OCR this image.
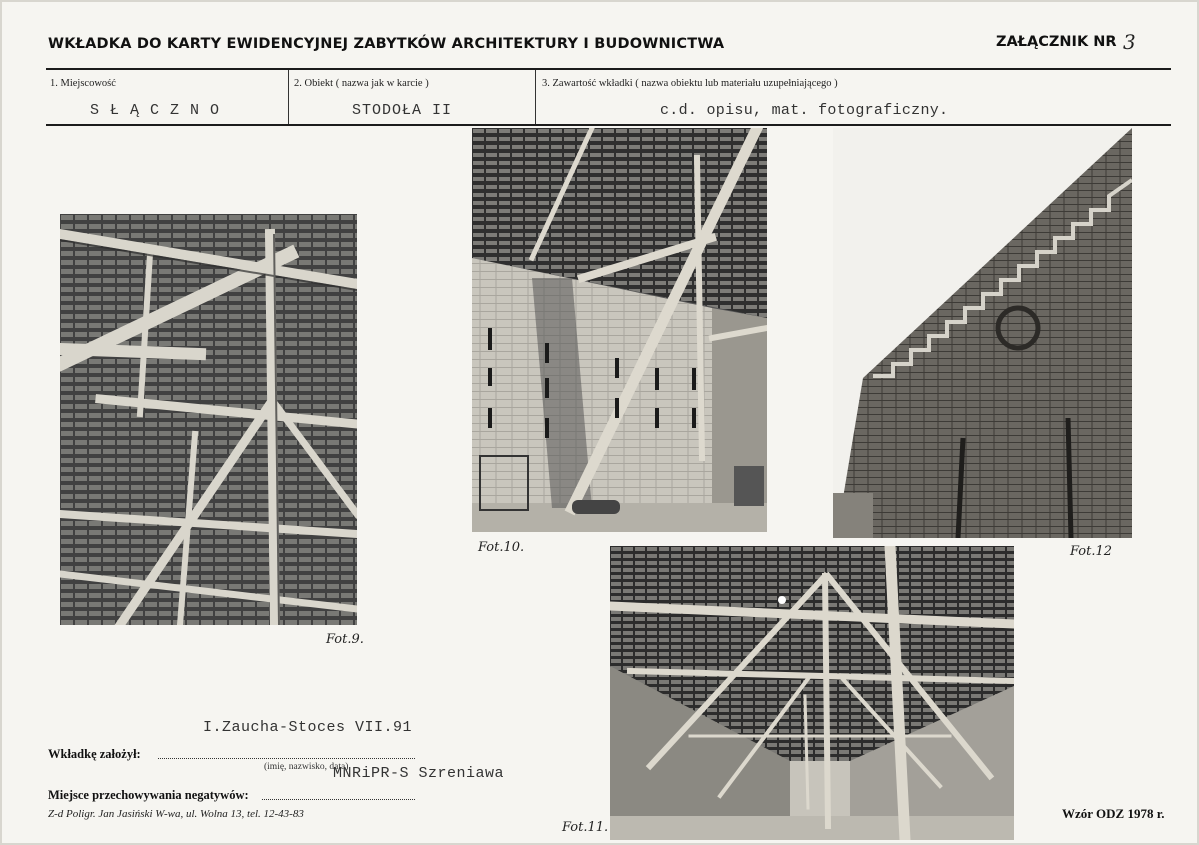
WKŁADKA DO KARTY EWIDENCYJNEJ ZABYTKÓW ARCHITEKTURY I BUDOWNICTWA	ZAŁĄCZNIK NR 3
1. Miejscowość
S Ł Ą C Z N O
2. Obiekt ( nazwa jak w karcie )
STODOŁA II
3. Zawartość wkładki ( nazwa obiektu lub materiału uzupełniającego )
c.d. opisu, mat. fotograficzny.
Fot.9.
Fot.10.	Fot.12
Fot.11.
I.Zaucha-Stoces VII.91
Wkładkę założył:
(imię, nazwisko, data)
MNRiPR-S Szreniawa
Miejsce przechowywania negatywów:
Z-d Poligr. Jan Jasiński W-wa, ul. Wolna 13, tel. 12-43-83	Wzór ODZ 1978 r.
